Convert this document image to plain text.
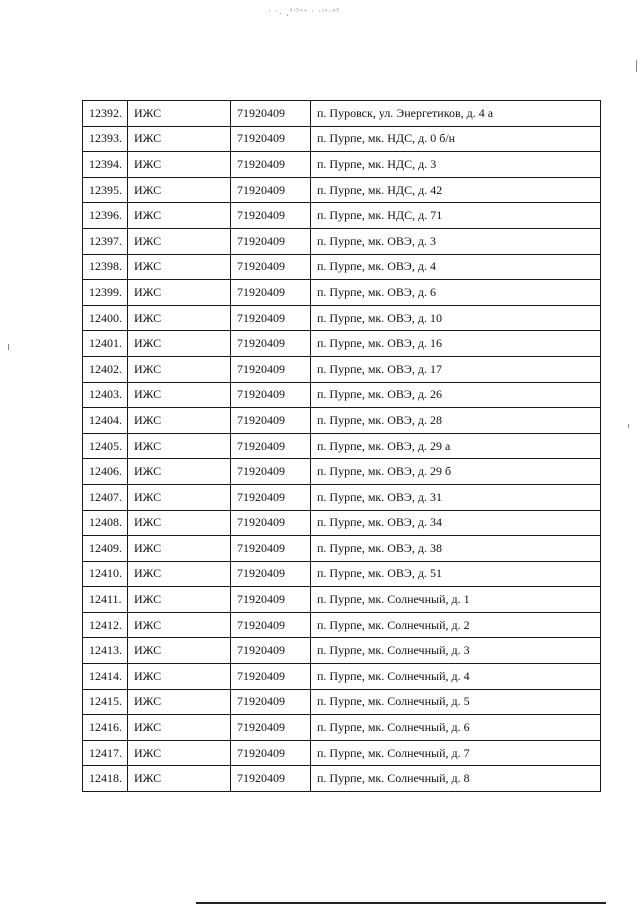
· ·. ¸¹ᶦ³ʷᵉ · ·ᵗᵉ·ⁿ⁵
12392.	ИЖС	71920409	п. Пуровск, ул. Энергетиков, д. 4 а
12393.	ИЖС	71920409	п. Пурпе, мк. НДС, д. 0 б/н
12394.	ИЖС	71920409	п. Пурпе, мк. НДС, д. 3
12395.	ИЖС	71920409	п. Пурпе, мк. НДС, д. 42
12396.	ИЖС	71920409	п. Пурпе, мк. НДС, д. 71
12397.	ИЖС	71920409	п. Пурпе, мк. ОВЭ, д. 3
12398.	ИЖС	71920409	п. Пурпе, мк. ОВЭ, д. 4
12399.	ИЖС	71920409	п. Пурпе, мк. ОВЭ, д. 6
12400.	ИЖС	71920409	п. Пурпе, мк. ОВЭ, д. 10
12401.	ИЖС	71920409	п. Пурпе, мк. ОВЭ, д. 16
12402.	ИЖС	71920409	п. Пурпе, мк. ОВЭ, д. 17
12403.	ИЖС	71920409	п. Пурпе, мк. ОВЭ, д. 26
12404.	ИЖС	71920409	п. Пурпе, мк. ОВЭ, д. 28
12405.	ИЖС	71920409	п. Пурпе, мк. ОВЭ, д. 29 а
12406.	ИЖС	71920409	п. Пурпе, мк. ОВЭ, д. 29 б
12407.	ИЖС	71920409	п. Пурпе, мк. ОВЭ, д. 31
12408.	ИЖС	71920409	п. Пурпе, мк. ОВЭ, д. 34
12409.	ИЖС	71920409	п. Пурпе, мк. ОВЭ, д. 38
12410.	ИЖС	71920409	п. Пурпе, мк. ОВЭ, д. 51
12411.	ИЖС	71920409	п. Пурпе, мк. Солнечный, д. 1
12412.	ИЖС	71920409	п. Пурпе, мк. Солнечный, д. 2
12413.	ИЖС	71920409	п. Пурпе, мк. Солнечный, д. 3
12414.	ИЖС	71920409	п. Пурпе, мк. Солнечный, д. 4
12415.	ИЖС	71920409	п. Пурпе, мк. Солнечный, д. 5
12416.	ИЖС	71920409	п. Пурпе, мк. Солнечный, д. 6
12417.	ИЖС	71920409	п. Пурпе, мк. Солнечный, д. 7
12418.	ИЖС	71920409	п. Пурпе, мк. Солнечный, д. 8
